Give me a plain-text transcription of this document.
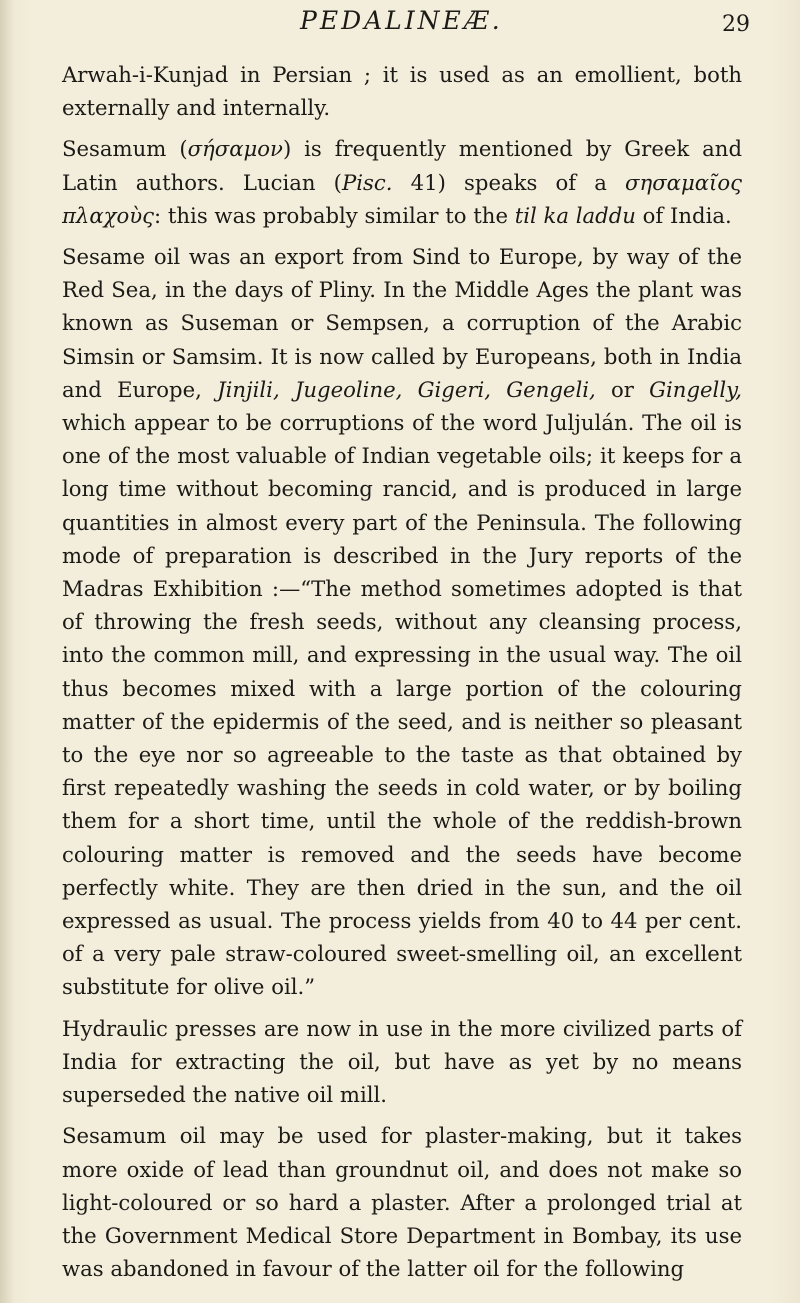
PEDALINEÆ.	29

Arwah-i-Kunjad in Persian ; it is used as an emollient, both externally and internally.

Sesamum (σήσαμον) is frequently mentioned by Greek and Latin authors. Lucian (Pisc. 41) speaks of a σησαμαῖος πλαχοὺς: this was probably similar to the til ka laddu of India.

Sesame oil was an export from Sind to Europe, by way of the Red Sea, in the days of Pliny. In the Middle Ages the plant was known as Suseman or Sempsen, a corruption of the Arabic Simsin or Samsim. It is now called by Europeans, both in India and Europe, Jinjili, Jugeoline, Gigeri, Gengeli, or Gingelly, which appear to be corruptions of the word Juljulán. The oil is one of the most valuable of Indian vegetable oils; it keeps for a long time without becoming rancid, and is produced in large quantities in almost every part of the Peninsula. The following mode of preparation is described in the Jury reports of the Madras Exhibition :—“The method sometimes adopted is that of throwing the fresh seeds, without any cleansing process, into the common mill, and expressing in the usual way. The oil thus becomes mixed with a large portion of the colouring matter of the epidermis of the seed, and is neither so pleasant to the eye nor so agreeable to the taste as that obtained by first repeatedly washing the seeds in cold water, or by boiling them for a short time, until the whole of the reddish-brown colouring matter is removed and the seeds have become perfectly white. They are then dried in the sun, and the oil expressed as usual. The process yields from 40 to 44 per cent. of a very pale straw-coloured sweet-smelling oil, an excellent substitute for olive oil.”

Hydraulic presses are now in use in the more civilized parts of India for extracting the oil, but have as yet by no means superseded the native oil mill.

Sesamum oil may be used for plaster-making, but it takes more oxide of lead than groundnut oil, and does not make so light-coloured or so hard a plaster. After a prolonged trial at the Government Medical Store Department in Bombay, its use was abandoned in favour of the latter oil for the following
